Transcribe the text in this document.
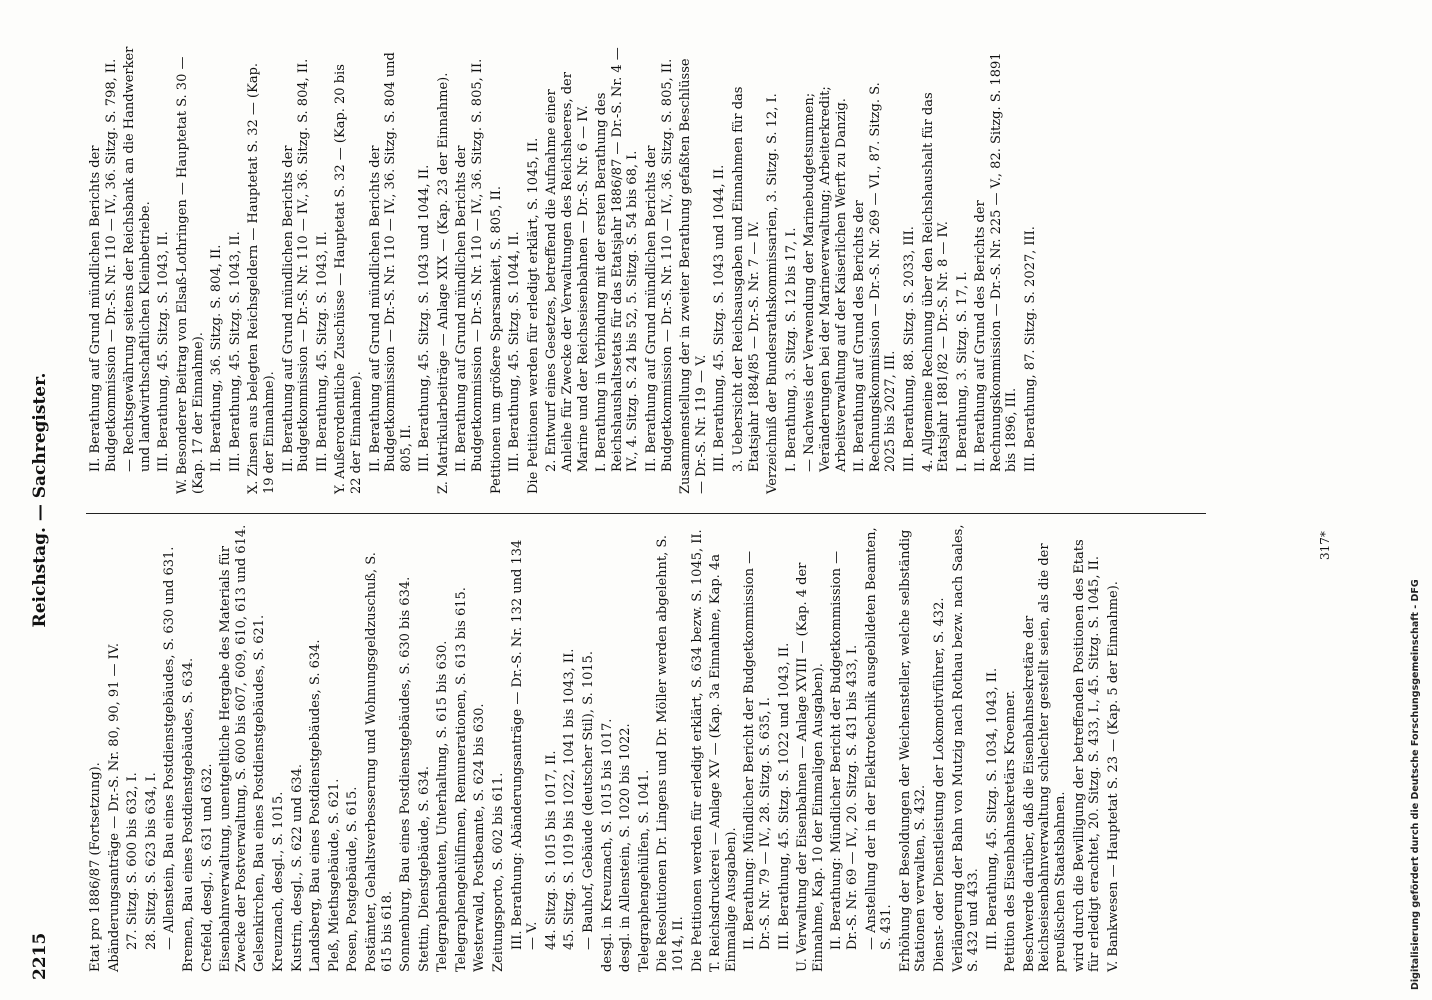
2215
Reichstag. — Sachregister.
Etat pro 1886/87 (Fortsetzung). Abänderungsanträge — Dr.-S. Nr. 80, 90, 91 — IV. 27. Sitzg. S. 600 bis 632, I. 28. Sitzg. S. 623 bis 634, I. — Allenstein, Bau eines Postdienstgebäudes, S. 630 und 631. Bremen, Bau eines Postdienstgebäudes, S. 634. Crefeld, desgl., S. 631 und 632. Eisenbahnverwaltung, unentgeltliche Hergabe des Materials für Zwecke der Postverwaltung, S. 600 bis 607, 609, 610, 613 und 614. Gelsenkirchen, Bau eines Postdienstgebäudes, S. 621. Kreuznach, desgl., S. 1015. Kustrin, desgl., S. 622 und 634. Landsberg, Bau eines Postdienstgebäudes, S. 634. Pleß, Miethsgebäude, S. 621. Posen, Postgebäude, S. 615. Postämter, Gehaltsverbesserung und Wohnungsgeldzuschuß, S. 615 bis 618. Sonnenburg, Bau eines Postdienstgebäudes, S. 630 bis 634. Stettin, Dienstgebäude, S. 634. Telegraphenbauten, Unterhaltung, S. 615 bis 630. Telegraphengehülfinnen, Remunerationen, S. 613 bis 615. Westerwald, Postbeamte, S. 624 bis 630. Zeitungsporto, S. 602 bis 611. III. Berathung: Abänderungsanträge — Dr.-S. Nr. 132 und 134 — V. 44. Sitzg. S. 1015 bis 1017, II. 45. Sitzg. S. 1019 bis 1022, 1041 bis 1043, II. — Bauhof, Gebäude (deutscher Stil), S. 1015. desgl. in Kreuznach, S. 1015 bis 1017. desgl. in Allenstein, S. 1020 bis 1022. Telegraphengehülfen, S. 1041. Die Resolutionen Dr. Lingens und Dr. Möller werden abgelehnt, S. 1014, II. Die Petitionen werden für erledigt erklärt, S. 634 bezw. S. 1045, II. T. Reichsdruckerei — Anlage XV — (Kap. 3a Einnahme, Kap. 4a Einmalige Ausgaben). II. Berathung: Mündlicher Bericht der Budgetkommission — Dr.-S. Nr. 79 — IV., 28. Sitzg. S. 635, I. III. Berathung, 45. Sitzg. S. 1022 und 1043, II. U. Verwaltung der Eisenbahnen — Anlage XVIII — (Kap. 4 der Einnahme, Kap. 10 der Einmaligen Ausgaben). II. Berathung: Mündlicher Bericht der Budgetkommission — Dr.-S. Nr. 69 — IV., 20. Sitzg. S. 431 bis 433, I. — Anstellung der in der Elektrotechnik ausgebildeten Beamten, S. 431. Erhöhung der Besoldungen der Weichensteller, welche selbständig Stationen verwalten, S. 432. Dienst- oder Dienstleistung der Lokomotivführer, S. 432. Verlängerung der Bahn von Mutzig nach Rothau bezw. nach Saales, S. 432 und 433. III. Berathung, 45. Sitzg. S. 1034, 1043, II. Petition des Eisenbahnsekretärs Kroenner. Beschwerde darüber, daß die Eisenbahnsekretäre der Reichseisenbahnverwaltung schlechter gestellt seien, als die der preußischen Staatsbahnen. wird durch die Bewilligung der betreffenden Positionen des Etats für erledigt erachtet, 20. Sitzg. S. 433, I., 45. Sitzg. S. 1045, II. V. Bankwesen — Hauptetat S. 23 — (Kap. 5 der Einnahme).
II. Berathung auf Grund mündlichen Berichts der Budgetkommission — Dr.-S. Nr. 110 — IV., 36. Sitzg. S. 798, II. — Rechtsgewährung seitens der Reichsbank an die Handwerker und landwirthschaftlichen Kleinbetriebe. III. Berathung, 45. Sitzg. S. 1043, II. W. Besonderer Beitrag von Elsaß-Lothringen — Hauptetat S. 30 — (Kap. 17 der Einnahme). II. Berathung, 36. Sitzg. S. 804, II. III. Berathung, 45. Sitzg. S. 1043, II. X. Zinsen aus belegten Reichsgeldern — Hauptetat S. 32 — (Kap. 19 der Einnahme). II. Berathung auf Grund mündlichen Berichts der Budgetkommission — Dr.-S. Nr. 110 — IV., 36. Sitzg. S. 804, II. III. Berathung, 45. Sitzg. S. 1043, II. Y. Außerordentliche Zuschüsse — Hauptetat S. 32 — (Kap. 20 bis 22 der Einnahme). II. Berathung auf Grund mündlichen Berichts der Budgetkommission — Dr.-S. Nr. 110 — IV., 36. Sitzg. S. 804 und 805, II. III. Berathung, 45. Sitzg. S. 1043 und 1044, II. Z. Matrikularbeiträge — Anlage XIX — (Kap. 23 der Einnahme). II. Berathung auf Grund mündlichen Berichts der Budgetkommission — Dr.-S. Nr. 110 — IV., 36. Sitzg. S. 805, II. Petitionen um größere Sparsamkeit, S. 805, II. III. Berathung, 45. Sitzg. S. 1044, II. Die Petitionen werden für erledigt erklärt, S. 1045, II. 2. Entwurf eines Gesetzes, betreffend die Aufnahme einer Anleihe für Zwecke der Verwaltungen des Reichsheeres, der Marine und der Reichseisenbahnen — Dr.-S. Nr. 6 — IV. I. Berathung in Verbindung mit der ersten Berathung des Reichshaushaltsetats für das Etatsjahr 1886/87 — Dr.-S. Nr. 4 — IV., 4. Sitzg. S. 24 bis 52, 5. Sitzg. S. 54 bis 68, I. II. Berathung auf Grund mündlichen Berichts der Budgetkommission — Dr.-S. Nr. 110 — IV., 36. Sitzg. S. 805, II. Zusammenstellung der in zweiter Berathung gefaßten Beschlüsse — Dr.-S. Nr. 119 — V. III. Berathung, 45. Sitzg. S. 1043 und 1044, II. 3. Uebersicht der Reichsausgaben und Einnahmen für das Etatsjahr 1884/85 — Dr.-S. Nr. 7 — IV. Verzeichniß der Bundesrathskommissarien, 3. Sitzg. S. 12, I. I. Berathung, 3. Sitzg. S. 12 bis 17, I. — Nachweis der Verwendung der Marinebudgetsummen; Veränderungen bei der Marineverwaltung; Arbeiterkredit; Arbeitsverwaltung auf der Kaiserlichen Werft zu Danzig. II. Berathung auf Grund des Berichts der Rechnungskommission — Dr.-S. Nr. 269 — VI., 87. Sitzg. S. 2025 bis 2027, III. III. Berathung, 88. Sitzg. S. 2033, III. 4. Allgemeine Rechnung über den Reichshaushalt für das Etatsjahr 1881/82 — Dr.-S. Nr. 8 — IV. I. Berathung, 3. Sitzg. S. 17, I. II. Berathung auf Grund des Berichts der Rechnungskommission — Dr.-S. Nr. 225 — V., 82. Sitzg. S. 1891 bis 1896, III. III. Berathung, 87. Sitzg. S. 2027, III.
317*
Digitalisierung gefördert durch die Deutsche Forschungsgemeinschaft - DFG
